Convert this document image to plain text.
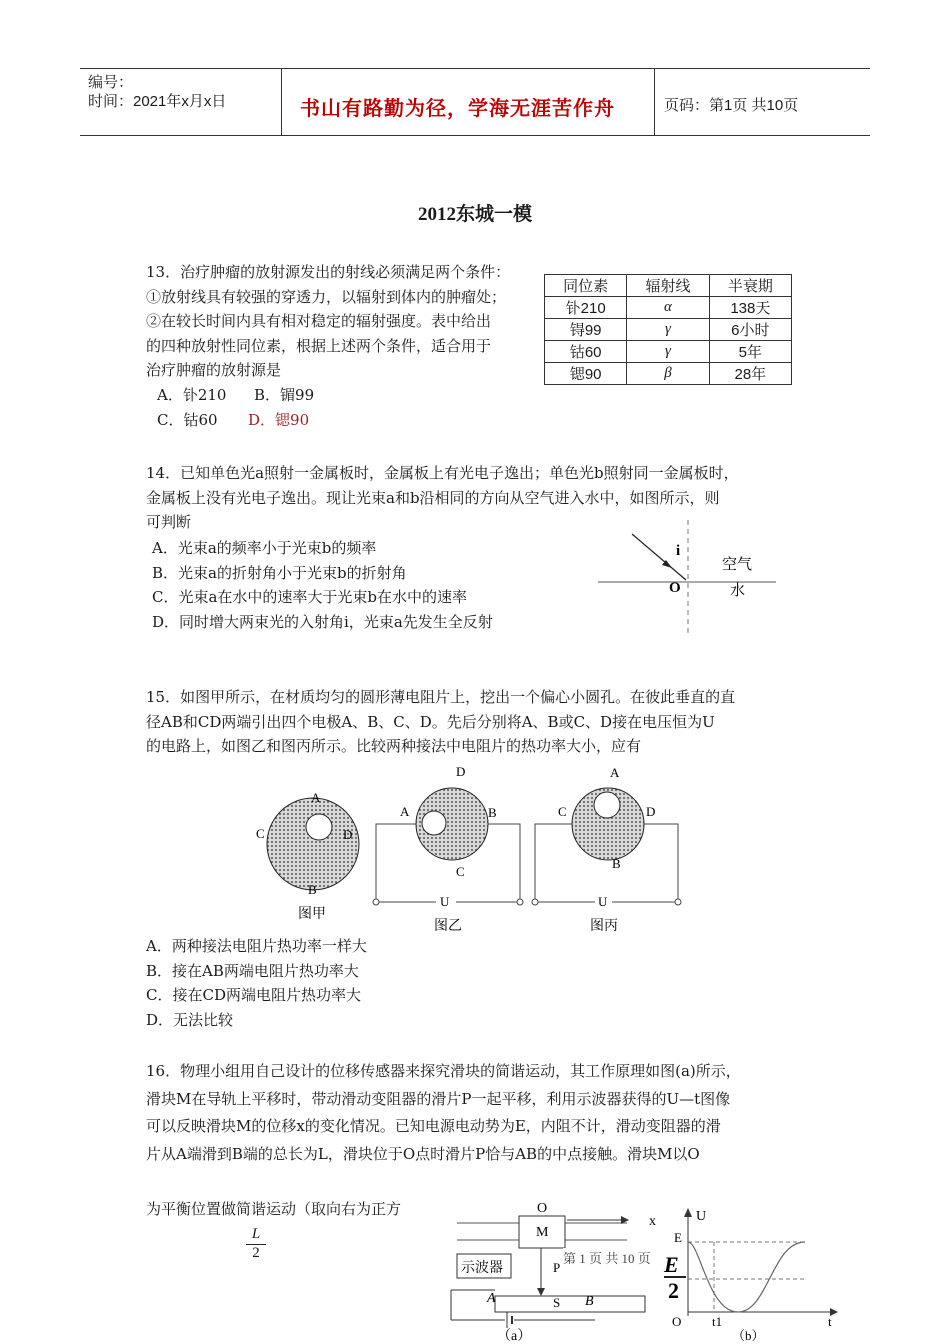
编号：
时间：2021年x月x日	书山有路勤为径，学海无涯苦作舟	页码：第1页 共10页
2012东城一模

13．治疗肿瘤的放射源发出的射线必须满足两个条件：

①放射线具有较强的穿透力，以辐射到体内的肿瘤处；

②在较长时间内具有相对稳定的辐射强度。表中给出

的四种放射性同位素，根据上述两个条件，适合用于

治疗肿瘤的放射源是

A．钋210 B．镅99
C．钴60 D．锶90
同位素	辐射线	半衰期
钋210	α	138天
锝99	γ	6小时
钴60	γ	5年
锶90	β	28年

14．已知单色光a照射一金属板时，金属板上有光电子逸出；单色光b照射同一金属板时，

金属板上没有光电子逸出。现让光束a和b沿相同的方向从空气进入水中，如图所示，则

可判断

A．光束a的频率小于光束b的频率

B．光束a的折射角小于光束b的折射角

C．光束a在水中的速率大于光束b在水中的速率

D．同时增大两束光的入射角i，光束a先发生全反射

i
O
空气
水

15．如图甲所示，在材质均匀的圆形薄电阻片上，挖出一个偏心小圆孔。在彼此垂直的直

径AB和CD两端引出四个电极A、B、C、D。先后分别将A、B或C、D接在电压恒为U

的电路上，如图乙和图丙所示。比较两种接法中电阻片的热功率大小，应有

A
B
C	D
图甲
D
A	B
C
U
图乙
A
C	D
B
U
图丙

A．两种接法电阻片热功率一样大

B．接在AB两端电阻片热功率大

C．接在CD两端电阻片热功率大

D．无法比较

16．物理小组用自己设计的位移传感器来探究滑块的简谐运动，其工作原理如图(a)所示，

滑块M在导轨上平移时，带动滑动变阻器的滑片P一起平移，利用示波器获得的U—t图像

可以反映滑块M的位移x的变化情况。已知电源电动势为E，内阻不计，滑动变阻器的滑

片从A端滑到B端的总长为L，滑块位于O点时滑片P恰与AB的中点接触。滑块M以O

为平衡位置做简谐运动（取向右为正方
$\frac{L}{2}$
O
M
x
示波器	P
A	S B
（a）
U
E
E
2
O t1	t
（b）
第 1 页 共 10 页
